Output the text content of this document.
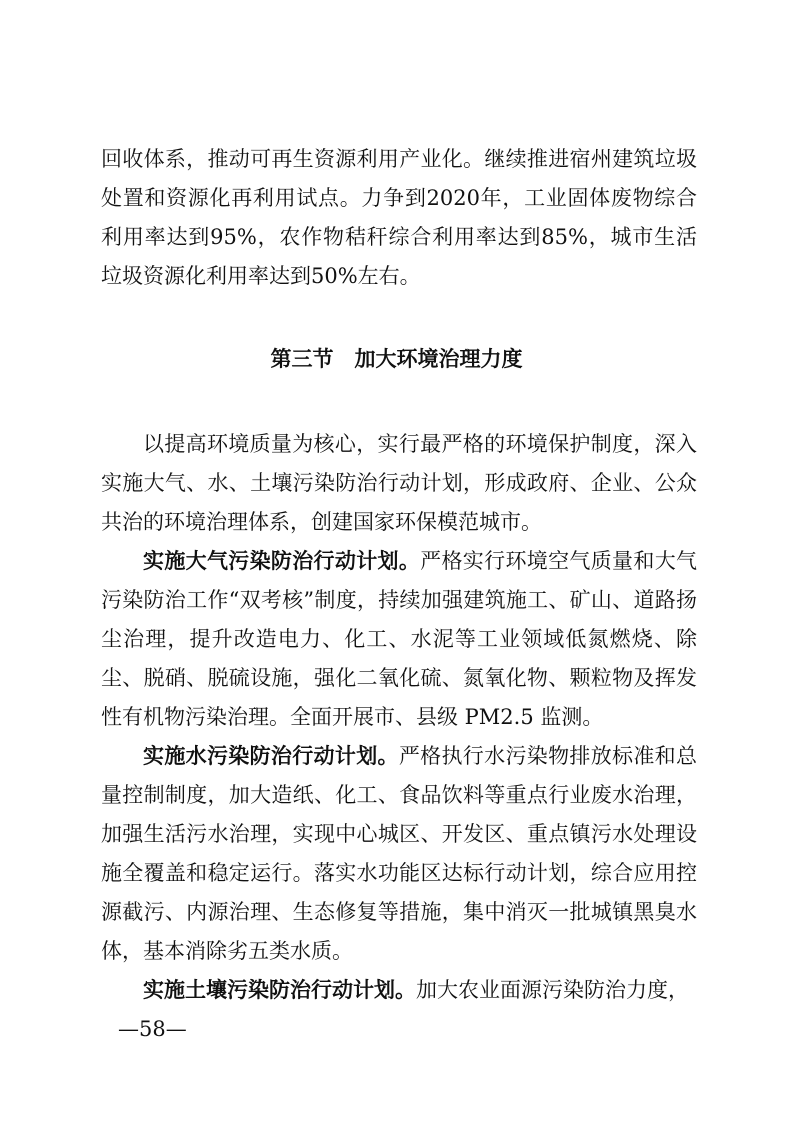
回收体系，推动可再生资源利用产业化。继续推进宿州建筑垃圾处置和资源化再利用试点。力争到2020年，工业固体废物综合利用率达到95%，农作物秸秆综合利用率达到85%，城市生活垃圾资源化利用率达到50%左右。

第三节　加大环境治理力度

以提高环境质量为核心，实行最严格的环境保护制度，深入实施大气、水、土壤污染防治行动计划，形成政府、企业、公众共治的环境治理体系，创建国家环保模范城市。

实施大气污染防治行动计划。严格实行环境空气质量和大气污染防治工作“双考核”制度，持续加强建筑施工、矿山、道路扬尘治理，提升改造电力、化工、水泥等工业领域低氮燃烧、除尘、脱硝、脱硫设施，强化二氧化硫、氮氧化物、颗粒物及挥发性有机物污染治理。全面开展市、县级 PM2.5 监测。

实施水污染防治行动计划。严格执行水污染物排放标准和总量控制制度，加大造纸、化工、食品饮料等重点行业废水治理，加强生活污水治理，实现中心城区、开发区、重点镇污水处理设施全覆盖和稳定运行。落实水功能区达标行动计划，综合应用控源截污、内源治理、生态修复等措施，集中消灭一批城镇黑臭水体，基本消除劣五类水质。

实施土壤污染防治行动计划。加大农业面源污染防治力度，

—58—
